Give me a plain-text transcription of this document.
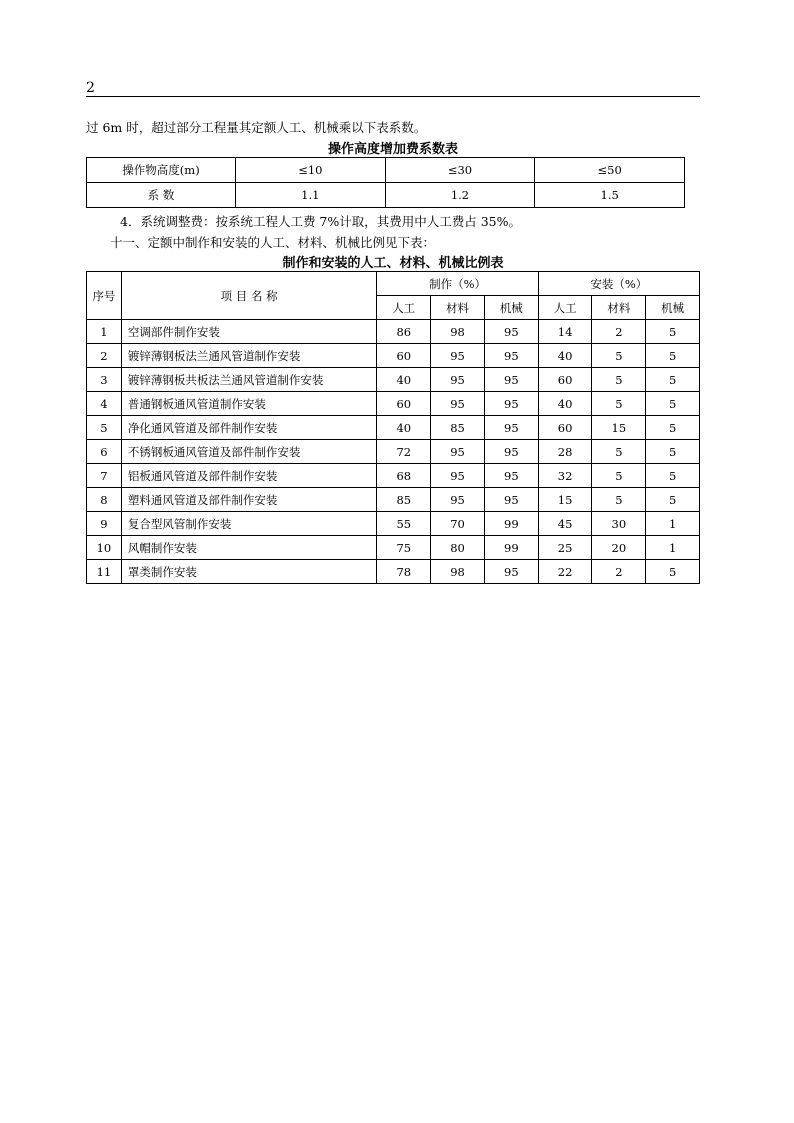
2
过 6m 时，超过部分工程量其定额人工、机械乘以下表系数。
操作高度增加费系数表
操作物高度(m)	≤10	≤30	≤50
系 数	1.1	1.2	1.5
4．系统调整费：按系统工程人工费 7%计取，其费用中人工费占 35%。
十一、定额中制作和安装的人工、材料、机械比例见下表：
制作和安装的人工、材料、机械比例表
序号	项 目 名 称	制作（%）			安装（%）		
		人工	材料	机械	人工	材料	机械
1	空调部件制作安装	86	98	95	14	2	5
2	镀锌薄钢板法兰通风管道制作安装	60	95	95	40	5	5
3	镀锌薄钢板共板法兰通风管道制作安装	40	95	95	60	5	5
4	普通钢板通风管道制作安装	60	95	95	40	5	5
5	净化通风管道及部件制作安装	40	85	95	60	15	5
6	不锈钢板通风管道及部件制作安装	72	95	95	28	5	5
7	铝板通风管道及部件制作安装	68	95	95	32	5	5
8	塑料通风管道及部件制作安装	85	95	95	15	5	5
9	复合型风管制作安装	55	70	99	45	30	1
10	风帽制作安装	75	80	99	25	20	1
11	罩类制作安装	78	98	95	22	2	5
